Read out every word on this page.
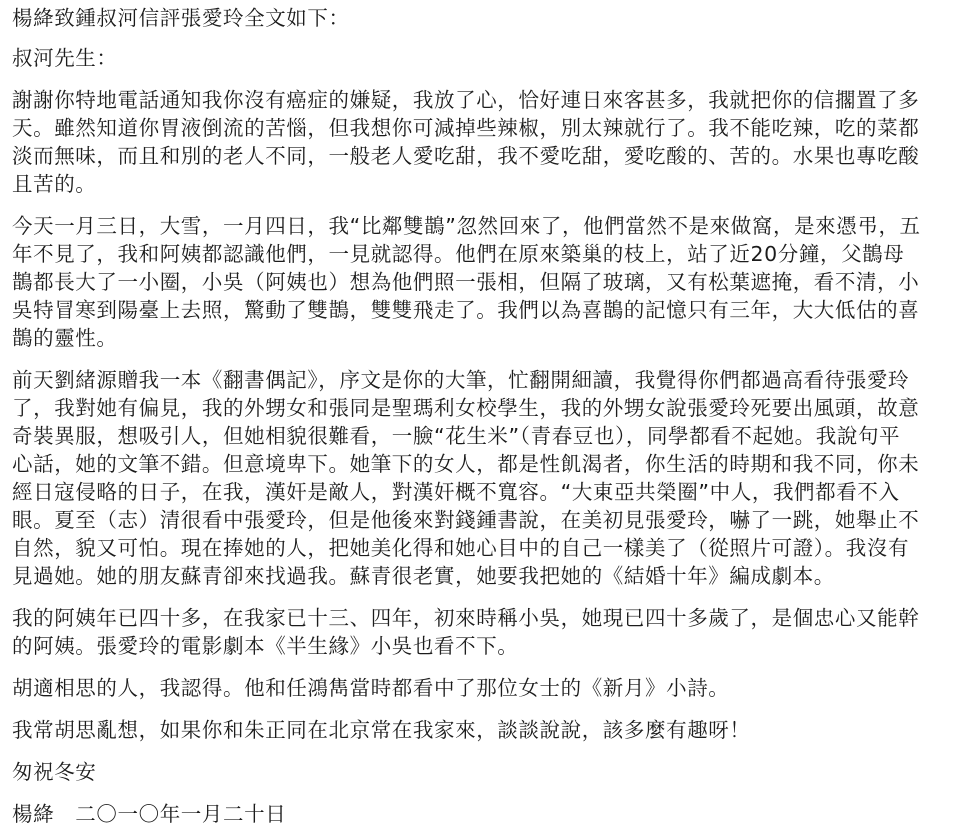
楊絳致鍾叔河信評張愛玲全文如下：

叔河先生：

謝謝你特地電話通知我你沒有癌症的嫌疑，我放了心，恰好連日來客甚多，我就把你的信擱置了多
天。雖然知道你胃液倒流的苦惱，但我想你可減掉些辣椒，別太辣就行了。我不能吃辣，吃的菜都
淡而無味，而且和別的老人不同，一般老人愛吃甜，我不愛吃甜，愛吃酸的、苦的。水果也專吃酸
且苦的。
今天一月三日，大雪，一月四日，我“比鄰雙鵲”忽然回來了，他們當然不是來做窩，是來憑弔，五
年不見了，我和阿姨都認識他們，一見就認得。他們在原來築巢的枝上，站了近20分鐘，父鵲母
鵲都長大了一小圈，小吳（阿姨也）想為他們照一張相，但隔了玻璃，又有松葉遮掩，看不清，小
吳特冒寒到陽臺上去照，驚動了雙鵲，雙雙飛走了。我們以為喜鵲的記憶只有三年，大大低估的喜
鵲的靈性。
前天劉緒源贈我一本《翻書偶記》，序文是你的大筆，忙翻開細讀，我覺得你們都過高看待張愛玲
了，我對她有偏見，我的外甥女和張同是聖瑪利女校學生，我的外甥女說張愛玲死要出風頭，故意
奇裝異服，想吸引人，但她相貌很難看，一臉“花生米”（青春豆也），同學都看不起她。我說句平
心話，她的文筆不錯。但意境卑下。她筆下的女人，都是性飢渴者，你生活的時期和我不同，你未
經日寇侵略的日子，在我，漢奸是敵人，對漢奸概不寬容。“大東亞共榮圈”中人，我們都看不入
眼。夏至（志）清很看中張愛玲，但是他後來對錢鍾書說，在美初見張愛玲，嚇了一跳，她舉止不
自然，貌又可怕。現在捧她的人，把她美化得和她心目中的自己一樣美了（從照片可證）。我沒有
見過她。她的朋友蘇青卻來找過我。蘇青很老實，她要我把她的《結婚十年》編成劇本。
我的阿姨年已四十多，在我家已十三、四年，初來時稱小吳，她現已四十多歲了，是個忠心又能幹
的阿姨。張愛玲的電影劇本《半生緣》小吳也看不下。
胡適相思的人，我認得。他和任鴻雋當時都看中了那位女士的《新月》小詩。
我常胡思亂想，如果你和朱正同在北京常在我家來，談談說說，該多麼有趣呀！

匆祝冬安

楊絳　二〇一〇年一月二十日
